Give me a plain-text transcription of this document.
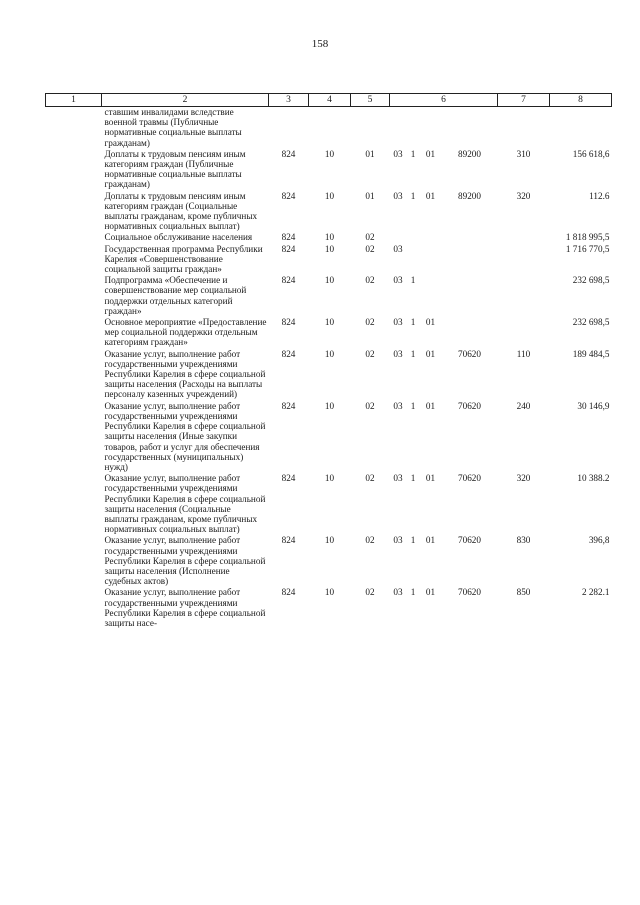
158
1	2	3	4	5	6				7	8
	ставшим инвалидами вследствие военной травмы (Публичные нормативные социальные выплаты гражданам)									
	Доплаты к трудовым пенсиям иным категориям граждан (Публичные нормативные социальные выплаты гражданам)	824	10	01	03	1	01	89200	310	156 618,6
	Доплаты к трудовым пенсиям иным категориям граждан (Социальные выплаты гражданам, кроме публичных нормативных социальных выплат)	824	10	01	03	1	01	89200	320	112.6
	Социальное обслуживание населения	824	10	02						1 818 995,5
	Государственная программа Республики Карелия «Совершенствование социальной защиты граждан»	824	10	02	03					1 716 770,5
	Подпрограмма «Обеспечение и совершенствование мер социальной поддержки отдельных категорий граждан»	824	10	02	03	1				232 698,5
	Основное мероприятие «Предоставление мер социальной поддержки отдельным категориям граждан»	824	10	02	03	1	01			232 698,5
	Оказание услуг, выполнение работ государственными учреждениями Республики Карелия в сфере социальной защиты населения (Расходы на выплаты персоналу казенных учреждений)	824	10	02	03	1	01	70620	110	189 484,5
	Оказание услуг, выполнение работ государственными учреждениями Республики Карелия в сфере социальной защиты населения (Иные закупки товаров, работ и услуг для обеспечения государственных (муниципальных) нужд)	824	10	02	03	1	01	70620	240	30 146,9
	Оказание услуг, выполнение работ государственными учреждениями Республики Карелия в сфере социальной защиты населения (Социальные выплаты гражданам, кроме публичных нормативных социальных выплат)	824	10	02	03	1	01	70620	320	10 388.2
	Оказание услуг, выполнение работ государственными учреждениями Республики Карелия в сфере социальной защиты населения (Исполнение судебных актов)	824	10	02	03	1	01	70620	830	396,8
	Оказание услуг, выполнение работ государственными учреждениями Республики Карелия в сфере социальной защиты насе-	824	10	02	03	1	01	70620	850	2 282.1
